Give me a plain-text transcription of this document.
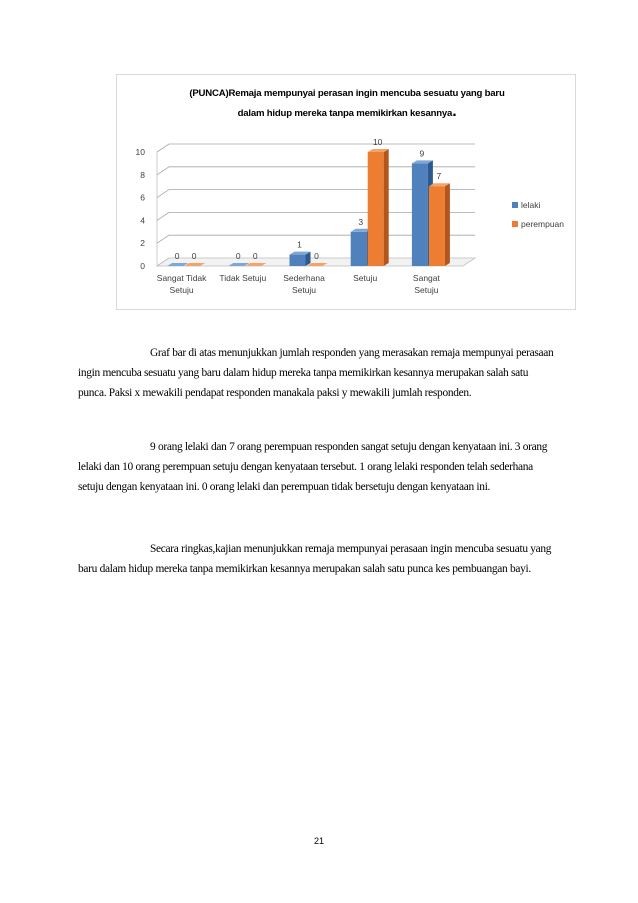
(PUNCA)Remaja mempunyai perasan ingin mencuba sesuatu yang baru
dalam hidup mereka tanpa memikirkan kesannya.
0
2
4
6
8
10
0 0
Sangat Tidak
Setuju
0 0
Tidak Setuju
1
0
Sederhana
Setuju
3
10
Setuju
9
7
Sangat
Setuju
lelaki
perempuan
Graf bar di atas menunjukkan jumlah responden yang merasakan remaja mempunyai perasaan ingin mencuba sesuatu yang baru dalam hidup mereka tanpa memikirkan kesannya merupakan salah satu punca. Paksi x mewakili pendapat responden manakala paksi y mewakili jumlah responden.
9 orang lelaki dan 7 orang perempuan responden sangat setuju dengan kenyataan ini. 3 orang lelaki dan 10 orang perempuan setuju dengan kenyataan tersebut. 1 orang lelaki responden telah sederhana setuju dengan kenyataan ini. 0 orang lelaki dan perempuan tidak bersetuju dengan kenyataan ini.
Secara ringkas,kajian menunjukkan remaja mempunyai perasaan ingin mencuba sesuatu yang baru dalam hidup mereka tanpa memikirkan kesannya merupakan salah satu punca kes pembuangan bayi.
21
